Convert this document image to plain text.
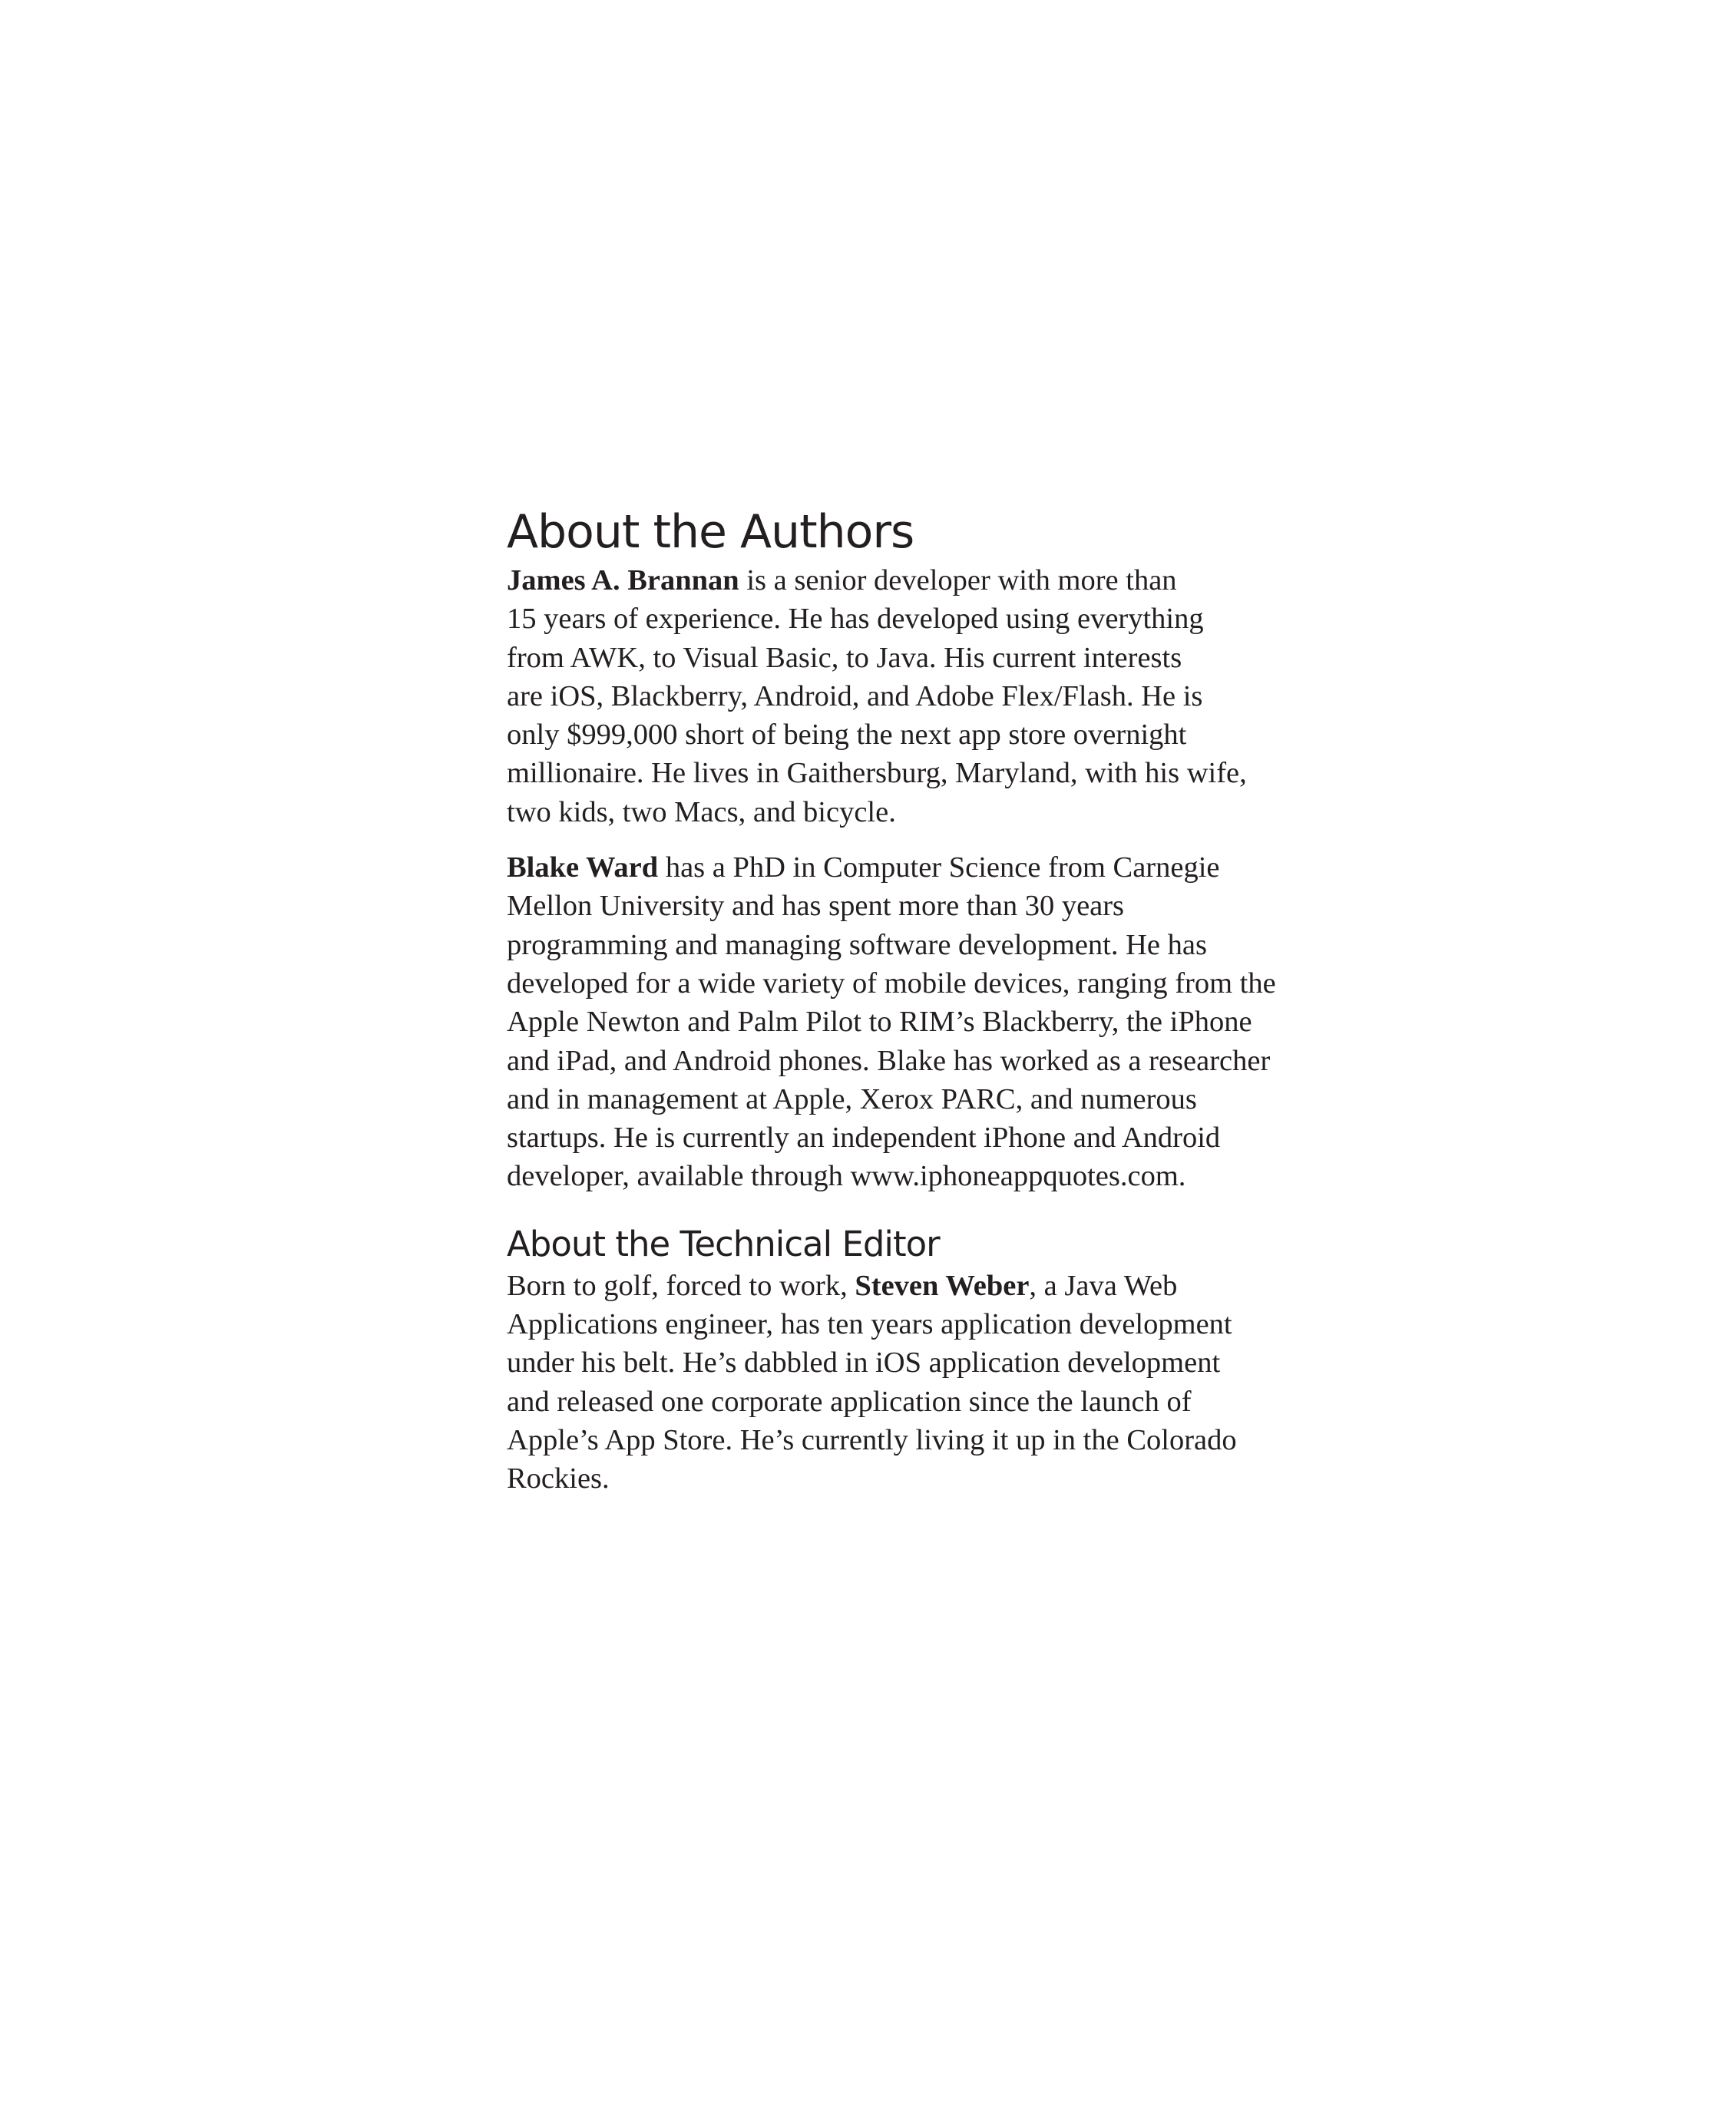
About the Authors

James A. Brannan is a senior developer with more than
15 years of experience. He has developed using everything
from AWK, to Visual Basic, to Java. His current interests
are iOS, Blackberry, Android, and Adobe Flex/Flash. He is
only $999,000 short of being the next app store overnight
millionaire. He lives in Gaithersburg, Maryland, with his wife,
two kids, two Macs, and bicycle.

Blake Ward has a PhD in Computer Science from Carnegie
Mellon University and has spent more than 30 years
programming and managing software development. He has
developed for a wide variety of mobile devices, ranging from the
Apple Newton and Palm Pilot to RIM’s Blackberry, the iPhone
and iPad, and Android phones. Blake has worked as a researcher
and in management at Apple, Xerox PARC, and numerous
startups. He is currently an independent iPhone and Android
developer, available through www.iphoneappquotes.com.

About the Technical Editor

Born to golf, forced to work, Steven Weber, a Java Web
Applications engineer, has ten years application development
under his belt. He’s dabbled in iOS application development
and released one corporate application since the launch of
Apple’s App Store. He’s currently living it up in the Colorado
Rockies.
